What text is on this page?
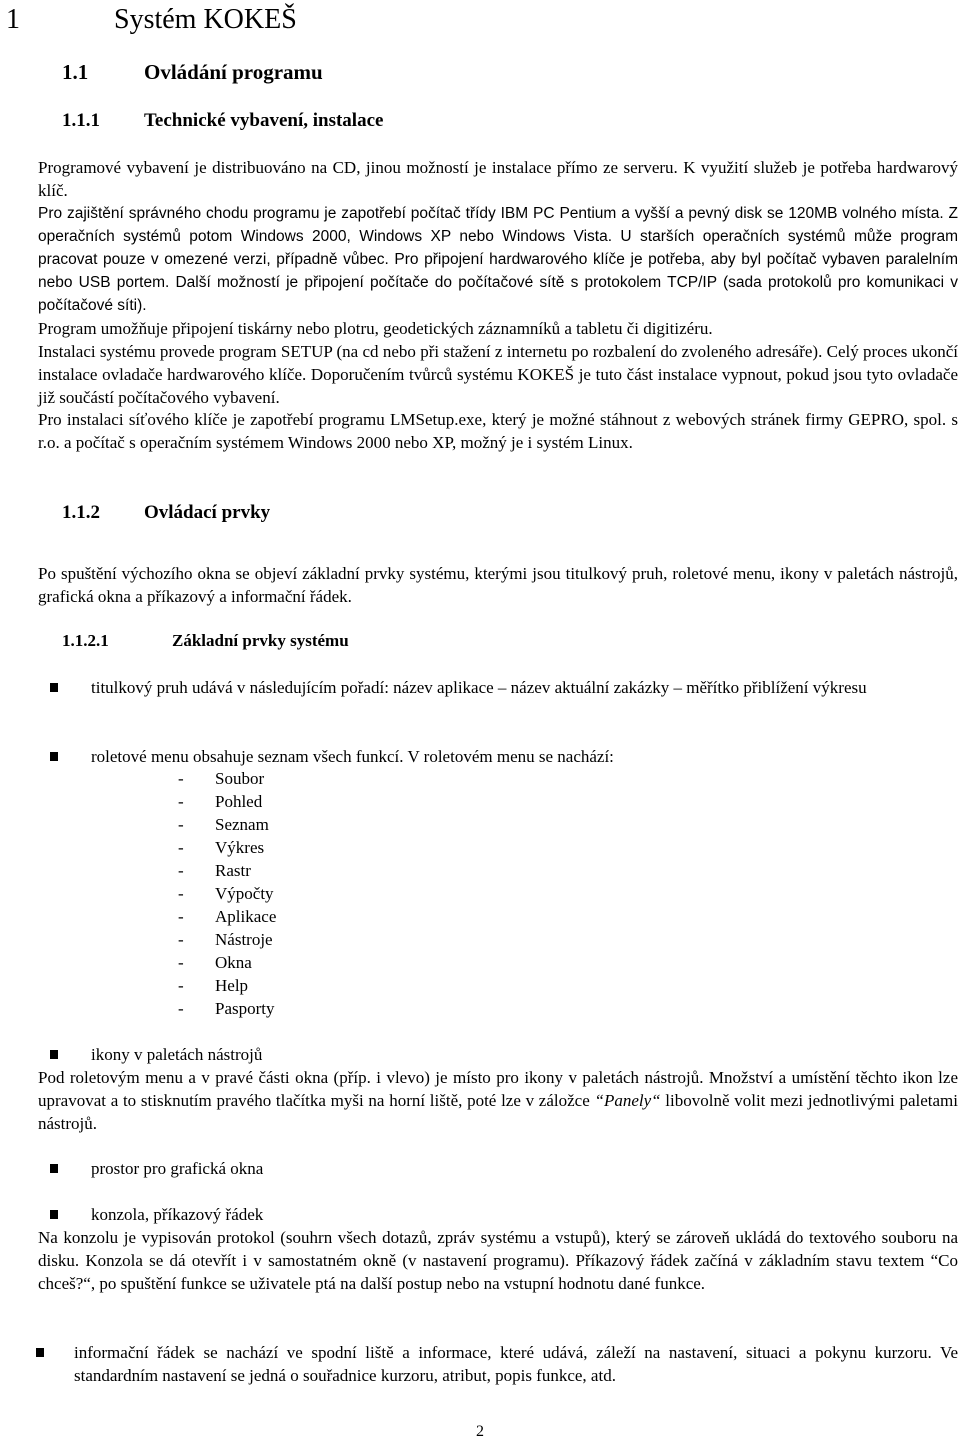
1	Systém KOKEŠ
1.1	Ovládání programu
1.1.1 Technické vybavení, instalace
Programové vybavení je distribuováno na CD, jinou možností je instalace přímo ze serveru. K využití služeb je potřeba hardwarový klíč.
Pro zajištění správného chodu programu je zapotřebí počítač třídy IBM PC Pentium a vyšší a pevný disk se 120MB volného místa. Z operačních systémů potom Windows 2000, Windows XP nebo Windows Vista. U starších operačních systémů může program pracovat pouze v omezené verzi, případně vůbec. Pro připojení hardwarového klíče je potřeba, aby byl počítač vybaven paralelním nebo USB portem. Další možností je připojení počítače do počítačové sítě s protokolem TCP/IP (sada protokolů pro komunikaci v počítačové síti).
Program umožňuje připojení tiskárny nebo plotru, geodetických záznamníků a tabletu či digitizéru.
Instalaci systému provede program SETUP (na cd nebo při stažení z internetu po rozbalení do zvoleného adresáře). Celý proces ukončí instalace ovladače hardwarového klíče. Doporučením tvůrců systému KOKEŠ je tuto část instalace vypnout, pokud jsou tyto ovladače již součástí počítačového vybavení.
Pro instalaci síťového klíče je zapotřebí programu LMSetup.exe, který je možné stáhnout z webových stránek firmy GEPRO, spol. s r.o. a počítač s operačním systémem Windows 2000 nebo XP, možný je i systém Linux.
1.1.2 Ovládací prvky
Po spuštění výchozího okna se objeví základní prvky systému, kterými jsou titulkový pruh, roletové menu, ikony v paletách nástrojů, grafická okna a příkazový a informační řádek.
1.1.2.1	Základní prvky systému
titulkový pruh udává v následujícím pořadí: název aplikace – název aktuální zakázky – měřítko přiblížení výkresu
roletové menu obsahuje seznam všech funkcí. V roletovém menu se nachází:
- Soubor
- Pohled
- Seznam
- Výkres
- Rastr
- Výpočty
- Aplikace
- Nástroje
- Okna
- Help
- Pasporty
ikony v paletách nástrojů
Pod roletovým menu a v pravé části okna (příp. i vlevo) je místo pro ikony v paletách nástrojů. Množství a umístění těchto ikon lze upravovat a to stisknutím pravého tlačítka myši na horní liště, poté lze v záložce “Panely“ libovolně volit mezi jednotlivými paletami nástrojů.
prostor pro grafická okna
konzola, příkazový řádek
Na konzolu je vypisován protokol (souhrn všech dotazů, zpráv systému a vstupů), který se zároveň ukládá do textového souboru na disku. Konzola se dá otevřít i v samostatném okně (v nastavení programu). Příkazový řádek začíná v základním stavu textem “Co chceš?“, po spuštění funkce se uživatele ptá na další postup nebo na vstupní hodnotu dané funkce.
informační řádek se nachází ve spodní liště a informace, které udává, záleží na nastavení, situaci a pokynu kurzoru. Ve standardním nastavení se jedná o souřadnice kurzoru, atribut, popis funkce, atd.
2
